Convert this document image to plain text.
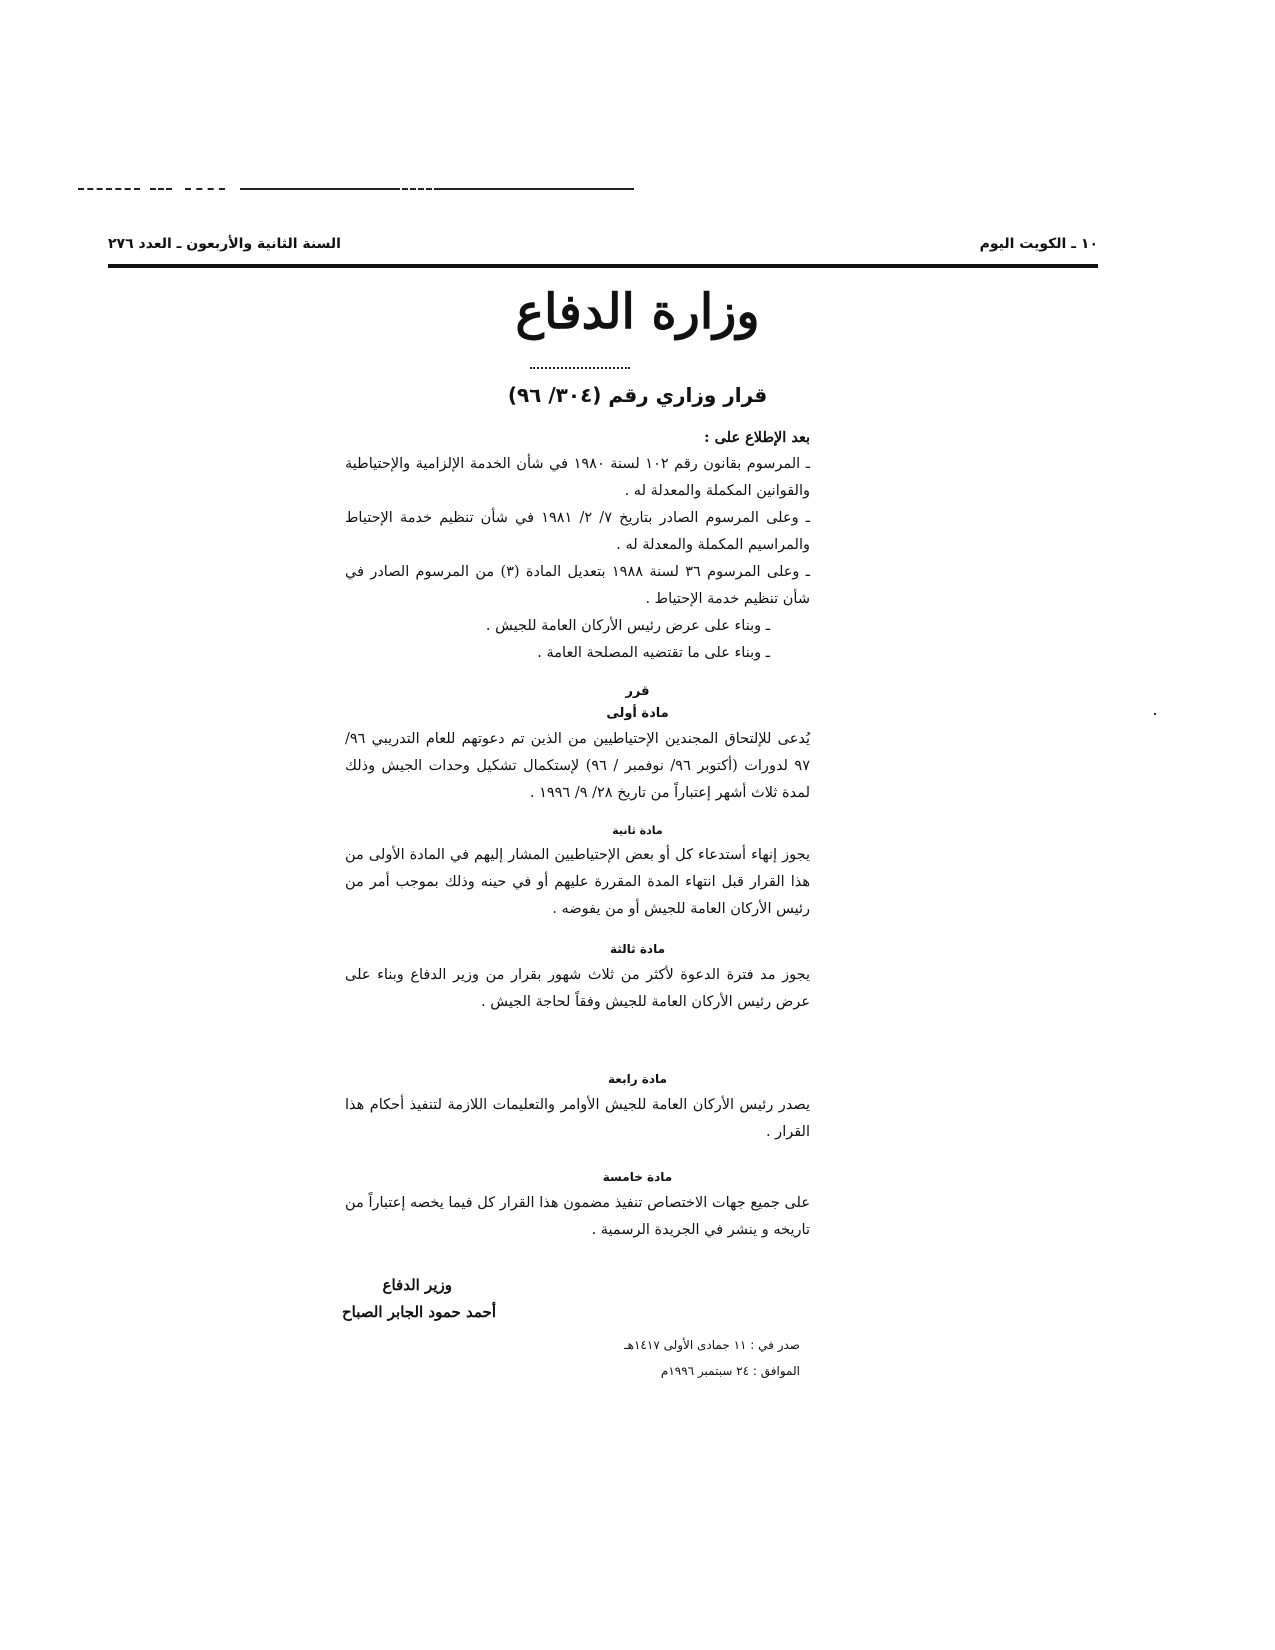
السنة الثانية والأربعون ـ العدد ٢٧٦	١٠ ـ الكويت اليوم
وزارة الدفاع
قرار وزاري رقم (٣٠٤/ ٩٦)

بعد الإطلاع على :

ـ المرسوم بقانون رقم ١٠٢ لسنة ١٩٨٠ في شأن الخدمة الإلزامية والإحتياطية والقوانين المكملة والمعدلة له .

ـ وعلى المرسوم الصادر بتاريخ ٧/ ٢/ ١٩٨١ في شأن تنظيم خدمة الإحتياط والمراسيم المكملة والمعدلة له .

ـ وعلى المرسوم ٣٦ لسنة ١٩٨٨ بتعديل المادة (٣) من المرسوم الصادر في شأن تنظيم خدمة الإحتياط .

ـ وبناء على عرض رئيس الأركان العامة للجيش .

ـ وبناء على ما تقتضيه المصلحة العامة .

قرر
مادة أولى

يُدعى للإلتحاق المجندين الإحتياطيين من الذين تم دعوتهم للعام التدريبي ٩٦/ ٩٧ لدورات (أكتوبر ٩٦/ نوفمبر / ٩٦) لإستكمال تشكيل وحدات الجيش وذلك لمدة ثلاث أشهر إعتباراً من تاريخ ٢٨/ ٩/ ١٩٩٦ .

مادة ثانية

يجوز إنهاء أستدعاء كل أو بعض الإحتياطيين المشار إليهم في المادة الأولى من هذا القرار قبل انتهاء المدة المقررة عليهم أو في حينه وذلك بموجب أمر من رئيس الأركان العامة للجيش أو من يفوضه .

مادة ثالثة

يجوز مد فترة الدعوة لأكثر من ثلاث شهور بقرار من وزير الدفاع وبناء على عرض رئيس الأركان العامة للجيش وفقاً لحاجة الجيش .

مادة رابعة

يصدر رئيس الأركان العامة للجيش الأوامر والتعليمات اللازمة لتنفيذ أحكام هذا القرار .

مادة خامسة

على جميع جهات الاختصاص تنفيذ مضمون هذا القرار كل فيما يخصه إعتباراً من تاريخه و ينشر في الجريدة الرسمية .

وزير الدفاع
أحمد حمود الجابر الصباح
صدر في : ١١ جمادى الأولى ١٤١٧هـ
الموافق : ٢٤ سبتمبر ١٩٩٦م
